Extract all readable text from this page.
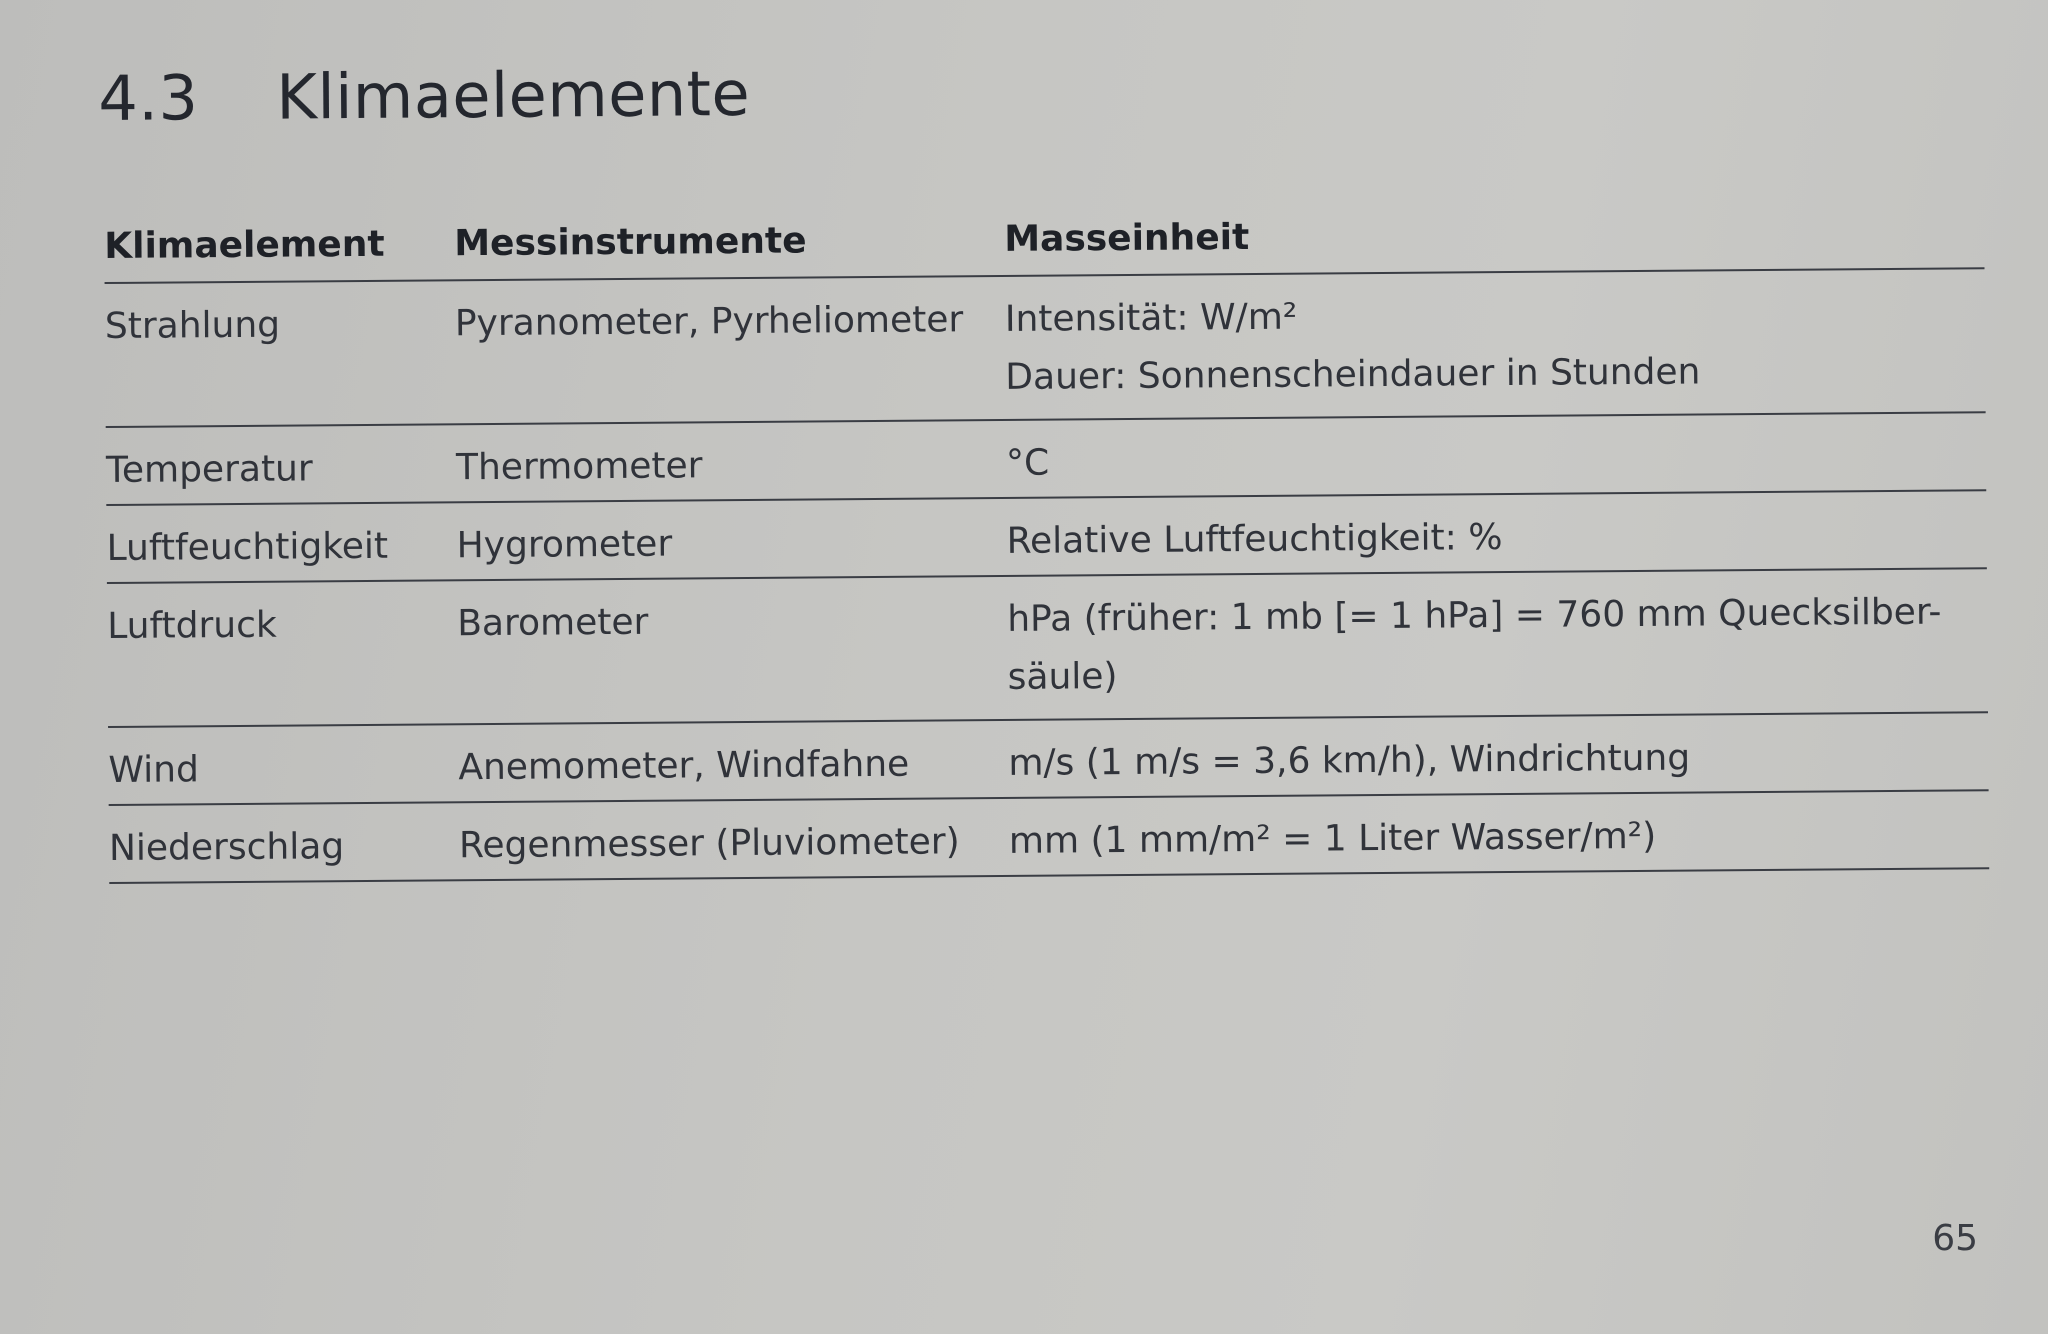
4.3 Klimaelemente
Klimaelement	Messinstrumente	Masseinheit
Strahlung	Pyranometer, Pyrheliometer	Intensität: W/m²
Dauer: Sonnenscheindauer in Stunden
Temperatur	Thermometer	°C
Luftfeuchtigkeit	Hygrometer	Relative Luftfeuchtigkeit: %
Luftdruck	Barometer	hPa (früher: 1 mb [= 1 hPa] = 760 mm Quecksilber-
säule)
Wind	Anemometer, Windfahne	m/s (1 m/s = 3,6 km/h), Windrichtung
Niederschlag	Regenmesser (Pluviometer)	mm (1 mm/m² = 1 Liter Wasser/m²)
65
